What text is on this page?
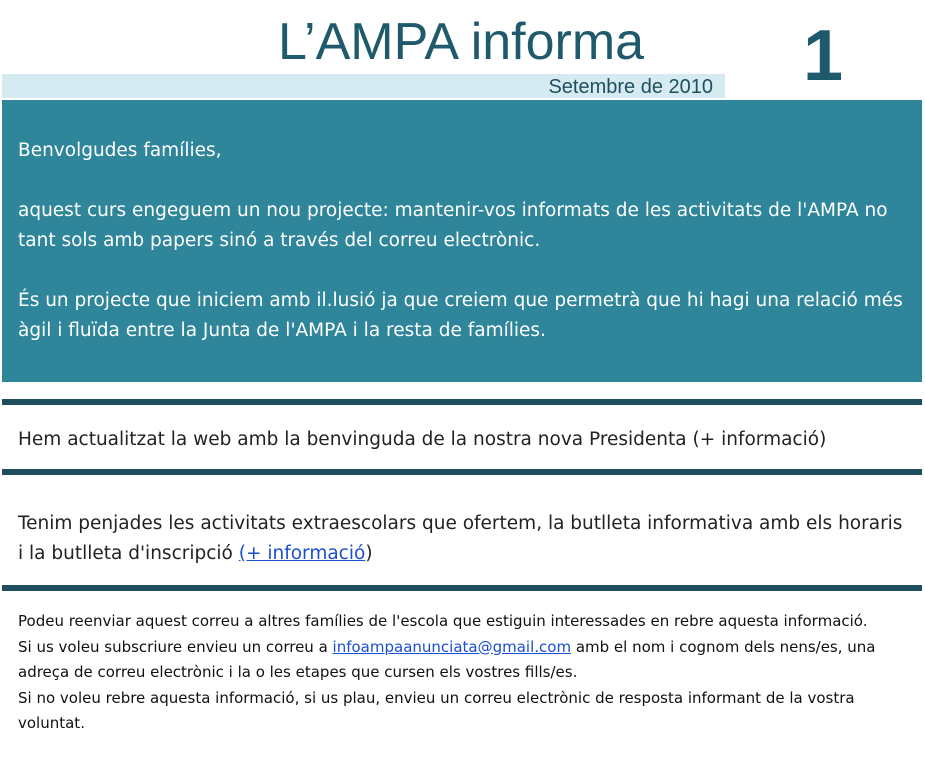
L’AMPA informa 1
Setembre de 2010

Benvolgudes famílies,

aquest curs engeguem un nou projecte: mantenir-vos informats de les activitats de l'AMPA no tant sols amb papers sinó a través del correu electrònic.

És un projecte que iniciem amb il.lusió ja que creiem que permetrà que hi hagi una relació més àgil i fluïda entre la Junta de l'AMPA i la resta de famílies.

Hem actualitzat la web amb la benvinguda de la nostra nova Presidenta (+ informació)
Tenim penjades les activitats extraescolars que ofertem, la butlleta informativa amb els horaris i la butlleta d'inscripció (+ informació)

Podeu reenviar aquest correu a altres famílies de l'escola que estiguin interessades en rebre aquesta informació.

Si us voleu subscriure envieu un correu a infoampaanunciata@gmail.com amb el nom i cognom dels nens/es, una adreça de correu electrònic i la o les etapes que cursen els vostres fills/es.

Si no voleu rebre aquesta informació, si us plau, envieu un correu electrònic de resposta informant de la vostra voluntat.
